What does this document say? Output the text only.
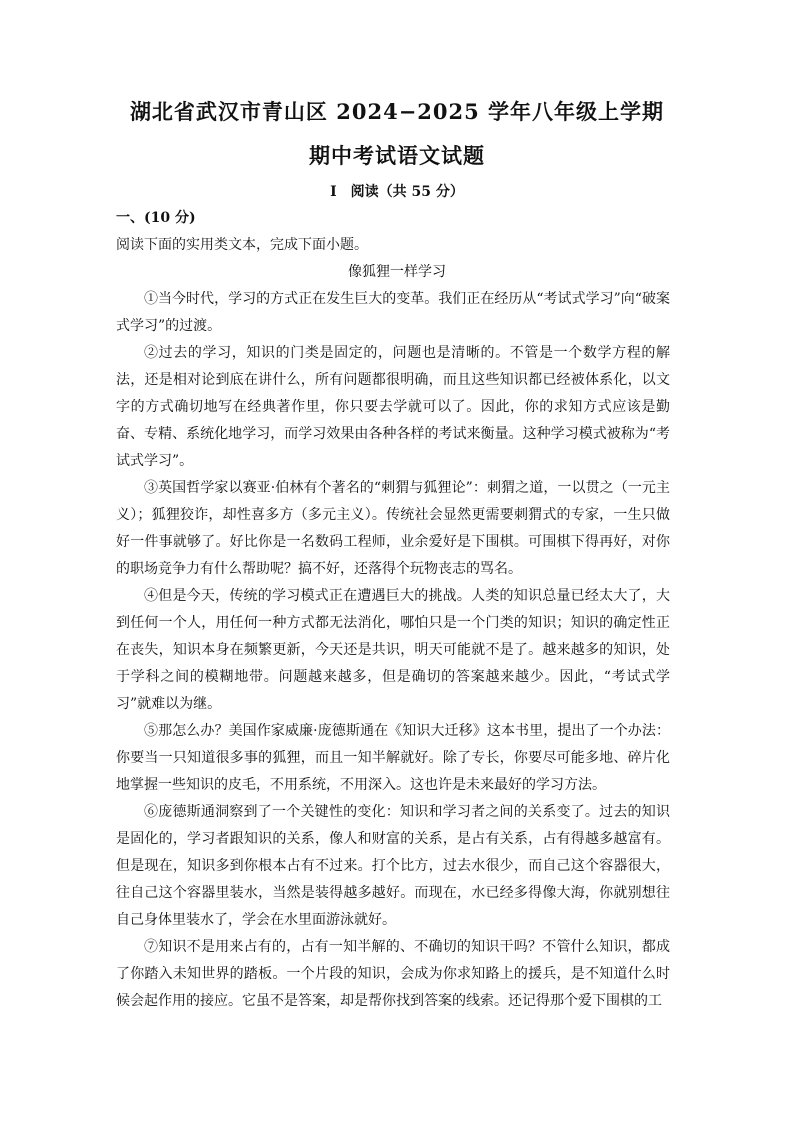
湖北省武汉市青山区 2024−2025 学年八年级上学期
期中考试语文试题
Ⅰ　阅读（共 55 分）
一、(10 分)
阅读下面的实用类文本，完成下面小题。
像狐狸一样学习

①当今时代，学习的方式正在发生巨大的变革。我们正在经历从“考试式学习”向“破案式学习”的过渡。

②过去的学习，知识的门类是固定的，问题也是清晰的。不管是一个数学方程的解法，还是相对论到底在讲什么，所有问题都很明确，而且这些知识都已经被体系化，以文字的方式确切地写在经典著作里，你只要去学就可以了。因此，你的求知方式应该是勤奋、专精、系统化地学习，而学习效果由各种各样的考试来衡量。这种学习模式被称为“考试式学习”。

③英国哲学家以赛亚·伯林有个著名的“刺猬与狐狸论”：刺猬之道，一以贯之（一元主义）；狐狸狡诈，却性喜多方（多元主义）。传统社会显然更需要刺猬式的专家，一生只做好一件事就够了。好比你是一名数码工程师，业余爱好是下围棋。可围棋下得再好，对你的职场竞争力有什么帮助呢？搞不好，还落得个玩物丧志的骂名。

④但是今天，传统的学习模式正在遭遇巨大的挑战。人类的知识总量已经太大了，大到任何一个人，用任何一种方式都无法消化，哪怕只是一个门类的知识；知识的确定性正在丧失，知识本身在频繁更新，今天还是共识，明天可能就不是了。越来越多的知识，处于学科之间的模糊地带。问题越来越多，但是确切的答案越来越少。因此，“考试式学习”就难以为继。

⑤那怎么办？美国作家威廉·庞德斯通在《知识大迁移》这本书里，提出了一个办法：你要当一只知道很多事的狐狸，而且一知半解就好。除了专长，你要尽可能多地、碎片化地掌握一些知识的皮毛，不用系统，不用深入。这也许是未来最好的学习方法。

⑥庞德斯通洞察到了一个关键性的变化：知识和学习者之间的关系变了。过去的知识是固化的，学习者跟知识的关系，像人和财富的关系，是占有关系，占有得越多越富有。但是现在，知识多到你根本占有不过来。打个比方，过去水很少，而自己这个容器很大，往自己这个容器里装水，当然是装得越多越好。而现在，水已经多得像大海，你就别想往自己身体里装水了，学会在水里面游泳就好。

⑦知识不是用来占有的，占有一知半解的、不确切的知识干吗？不管什么知识，都成了你踏入未知世界的踏板。一个片段的知识，会成为你求知路上的援兵，是不知道什么时候会起作用的接应。它虽不是答案，却是帮你找到答案的线索。还记得那个爱下围棋的工
